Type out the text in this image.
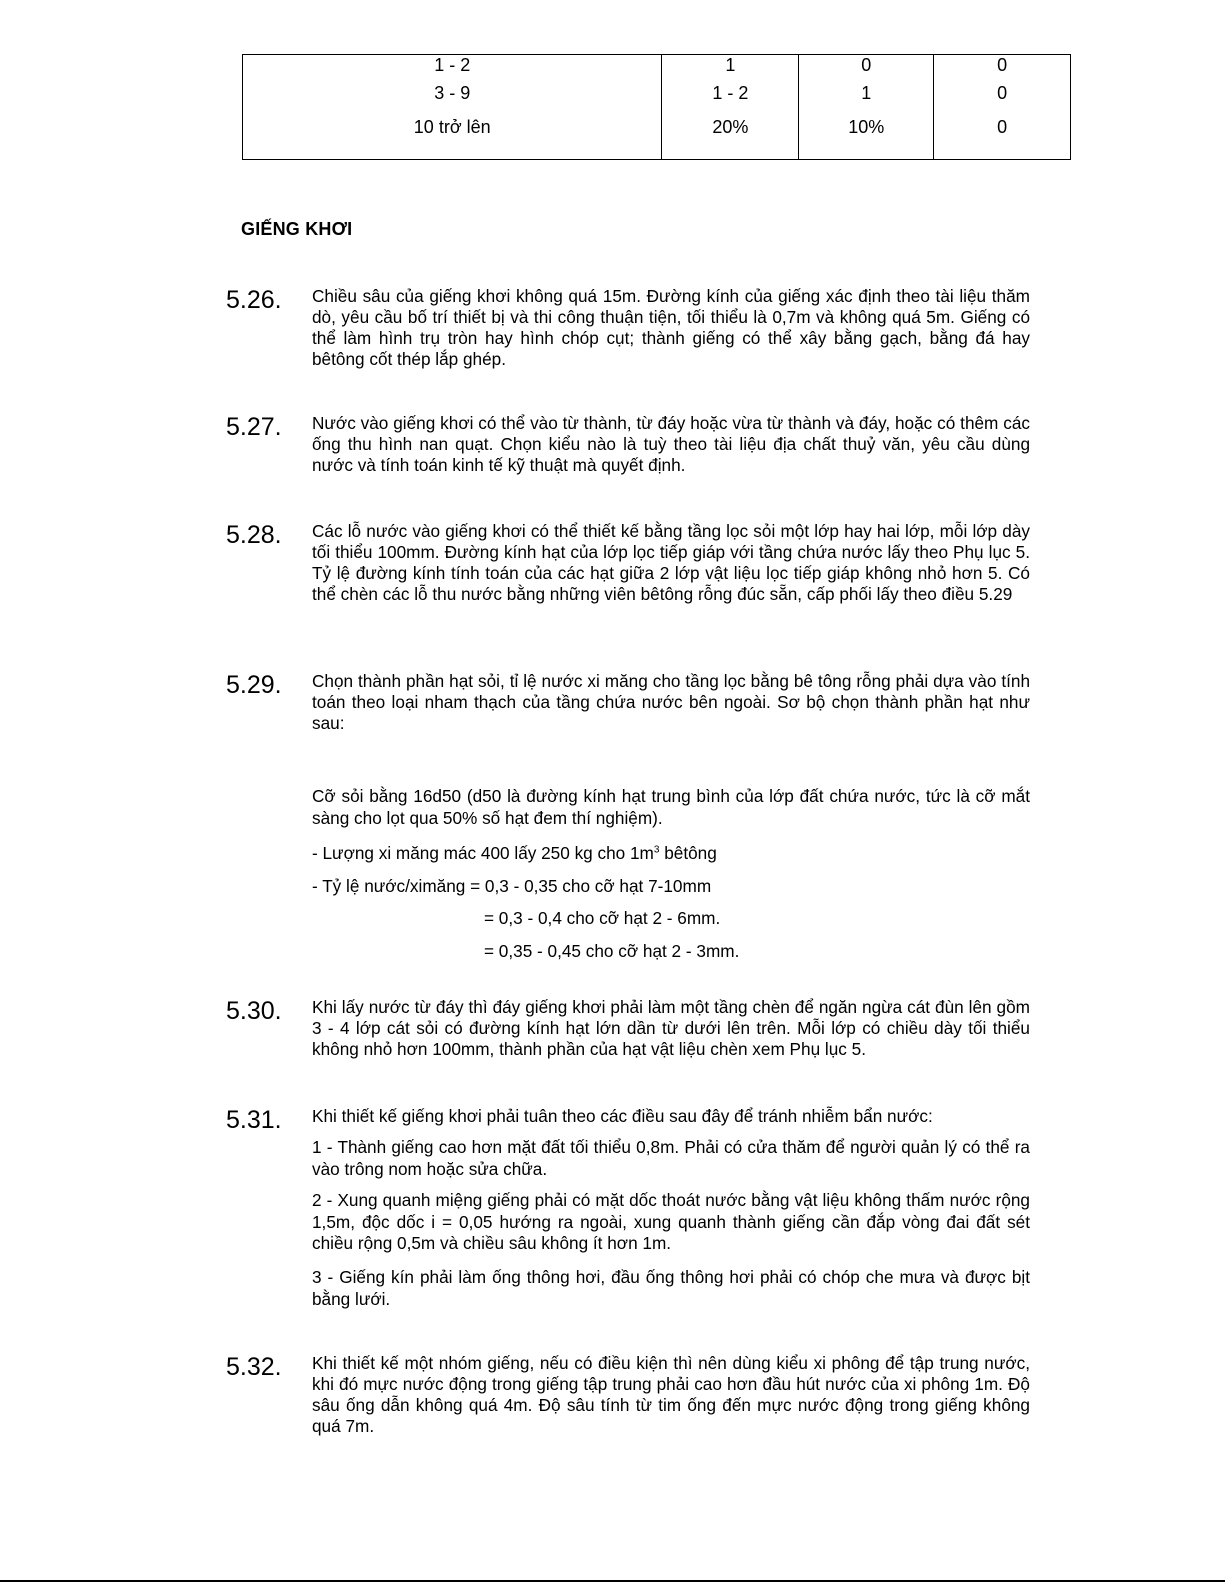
1 - 2	1	0	0
3 - 9	1 - 2	1	0
10 trở lên	20%	10%	0
GIẾNG KHƠI
5.26. Chiều sâu của giếng khơi không quá 15m. Đường kính của giếng xác định theo tài liệu thăm dò, yêu cầu bố trí thiết bị và thi công thuận tiện, tối thiểu là 0,7m và không quá 5m. Giếng có thể làm hình trụ tròn hay hình chóp cụt; thành giếng có thể xây bằng gạch, bằng đá hay bêtông cốt thép lắp ghép.
5.27. Nước vào giếng khơi có thể vào từ thành, từ đáy hoặc vừa từ thành và đáy, hoặc có thêm các ống thu hình nan quạt. Chọn kiểu nào là tuỳ theo tài liệu địa chất thuỷ văn, yêu cầu dùng nước và tính toán kinh tế kỹ thuật mà quyết định.
5.28. Các lỗ nước vào giếng khơi có thể thiết kế bằng tầng lọc sỏi một lớp hay hai lớp, mỗi lớp dày tối thiểu 100mm. Đường kính hạt của lớp lọc tiếp giáp với tầng chứa nước lấy theo Phụ lục 5. Tỷ lệ đường kính tính toán của các hạt giữa 2 lớp vật liệu lọc tiếp giáp không nhỏ hơn 5. Có thể chèn các lỗ thu nước bằng những viên bêtông rỗng đúc sẵn, cấp phối lấy theo điều 5.29
5.29. Chọn thành phần hạt sỏi, tỉ lệ nước xi măng cho tầng lọc bằng bê tông rỗng phải dựa vào tính toán theo loại nham thạch của tầng chứa nước bên ngoài. Sơ bộ chọn thành phần hạt như sau:
Cỡ sỏi bằng 16d50 (d50 là đường kính hạt trung bình của lớp đất chứa nước, tức là cỡ mắt sàng cho lọt qua 50% số hạt đem thí nghiệm).
- Lượng xi măng mác 400 lấy 250 kg cho $1m^3$ bêtông
- Tỷ lệ nước/ximăng = 0,3 - 0,35 cho cỡ hạt 7-10mm
= 0,3 - 0,4 cho cỡ hạt 2 - 6mm.
= 0,35 - 0,45 cho cỡ hạt 2 - 3mm.
5.30. Khi lấy nước từ đáy thì đáy giếng khơi phải làm một tầng chèn để ngăn ngừa cát đùn lên gồm 3 - 4 lớp cát sỏi có đường kính hạt lớn dần từ dưới lên trên. Mỗi lớp có chiều dày tối thiểu không nhỏ hơn 100mm, thành phần của hạt vật liệu chèn xem Phụ lục 5.
5.31. Khi thiết kế giếng khơi phải tuân theo các điều sau đây để tránh nhiễm bẩn nước:
1 - Thành giếng cao hơn mặt đất tối thiểu 0,8m. Phải có cửa thăm để người quản lý có thể ra vào trông nom hoặc sửa chữa.
2 - Xung quanh miệng giếng phải có mặt dốc thoát nước bằng vật liệu không thấm nước rộng 1,5m, độc dốc i = 0,05 hướng ra ngoài, xung quanh thành giếng cần đắp vòng đai đất sét chiều rộng 0,5m và chiều sâu không ít hơn 1m.
3 - Giếng kín phải làm ống thông hơi, đầu ống thông hơi phải có chóp che mưa và được bịt bằng lưới.
5.32. Khi thiết kế một nhóm giếng, nếu có điều kiện thì nên dùng kiểu xi phông để tập trung nước, khi đó mực nước động trong giếng tập trung phải cao hơn đầu hút nước của xi phông 1m. Độ sâu ống dẫn không quá 4m. Độ sâu tính từ tim ống đến mực nước động trong giếng không quá 7m.
